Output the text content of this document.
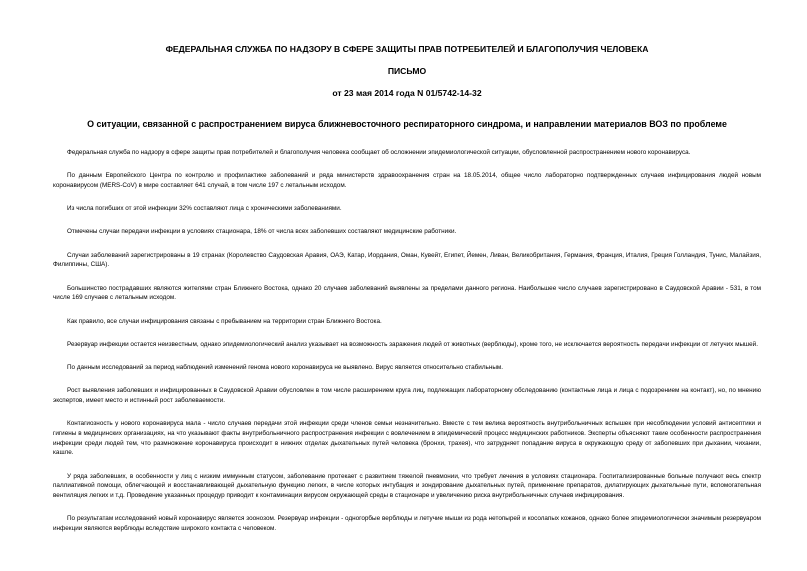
ФЕДЕРАЛЬНАЯ СЛУЖБА ПО НАДЗОРУ В СФЕРЕ ЗАЩИТЫ ПРАВ ПОТРЕБИТЕЛЕЙ И БЛАГОПОЛУЧИЯ ЧЕЛОВЕКА

ПИСЬМО

от 23 мая 2014 года N 01/5742-14-32

О ситуации, связанной с распространением вируса ближневосточного респираторного синдрома, и направлении материалов ВОЗ по проблеме

Федеральная служба по надзору в сфере защиты прав потребителей и благополучия человека сообщает об осложнении эпидемиологической ситуации, обусловленной распространением нового коронавируса.

По данным Европейского Центра по контролю и профилактике заболеваний и ряда министерств здравоохранения стран на 18.05.2014, общее число лабораторно подтвержденных случаев инфицирования людей новым коронавирусом (MERS-CoV) в мире составляет 641 случай, в том числе 197 с летальным исходом.

Из числа погибших от этой инфекции 32% составляют лица с хроническими заболеваниями.

Отмечены случаи передачи инфекции в условиях стационара, 18% от числа всех заболевших составляют медицинские работники.

Случаи заболеваний зарегистрированы в 19 странах (Королевство Саудовская Аравия, ОАЭ, Катар, Иордания, Оман, Кувейт, Египет, Йемен, Ливан, Великобритания, Германия, Франция, Италия, Греция Голландия, Тунис, Малайзия, Филиппины, США).

Большинство пострадавших являются жителями стран Ближнего Востока, однако 20 случаев заболеваний выявлены за пределами данного региона. Наибольшее число случаев зарегистрировано в Саудовской Аравии - 531, в том числе 169 случаев с летальным исходом.

Как правило, все случаи инфицирования связаны с пребыванием на территории стран Ближнего Востока.

Резервуар инфекции остается неизвестным, однако эпидемиологический анализ указывает на возможность заражения людей от животных (верблюды), кроме того, не исключается вероятность передачи инфекции от летучих мышей.

По данным исследований за период наблюдений изменений генома нового коронавируса не выявлено. Вирус является относительно стабильным.

Рост выявления заболевших и инфицированных в Саудовской Аравии обусловлен в том числе расширением круга лиц, подлежащих лабораторному обследованию (контактные лица и лица с подозрением на контакт), но, по мнению экспертов, имеет место и истинный рост заболеваемости.

Контагиозность у нового коронавируса мала - число случаев передачи этой инфекции среди членов семьи незначительно. Вместе с тем велика вероятность внутрибольничных вспышек при несоблюдении условий антисептики и гигиены в медицинских организациях, на что указывают факты внутрибольничного распространения инфекции с вовлечением в эпидемический процесс медицинских работников. Эксперты объясняют такие особенности распространения инфекции среди людей тем, что размножение коронавируса происходит в нижних отделах дыхательных путей человека (бронхи, трахея), что затрудняет попадание вируса в окружающую среду от заболевших при дыхании, чихании, кашле.

У ряда заболевших, в особенности у лиц с низким иммунным статусом, заболевание протекает с развитием тяжелой пневмонии, что требует лечения в условиях стационара. Госпитализированные больные получают весь спектр паллиативной помощи, облегчающей и восстанавливающей дыхательную функцию легких, в числе которых интубация и зондирование дыхательных путей, применение препаратов, дилатирующих дыхательные пути, вспомогательная вентиляция легких и т.д. Проведение указанных процедур приводит к контаминации вирусом окружающей среды в стационаре и увеличению риска внутрибольничных случаев инфицирования.

По результатам исследований новый коронавирус является зоонозом. Резервуар инфекции - одногорбые верблюды и летучие мыши из рода нетопырей и косолапых кожанов, однако более эпидемиологически значимым резервуаром инфекции являются верблюды вследствие широкого контакта с человеком.
